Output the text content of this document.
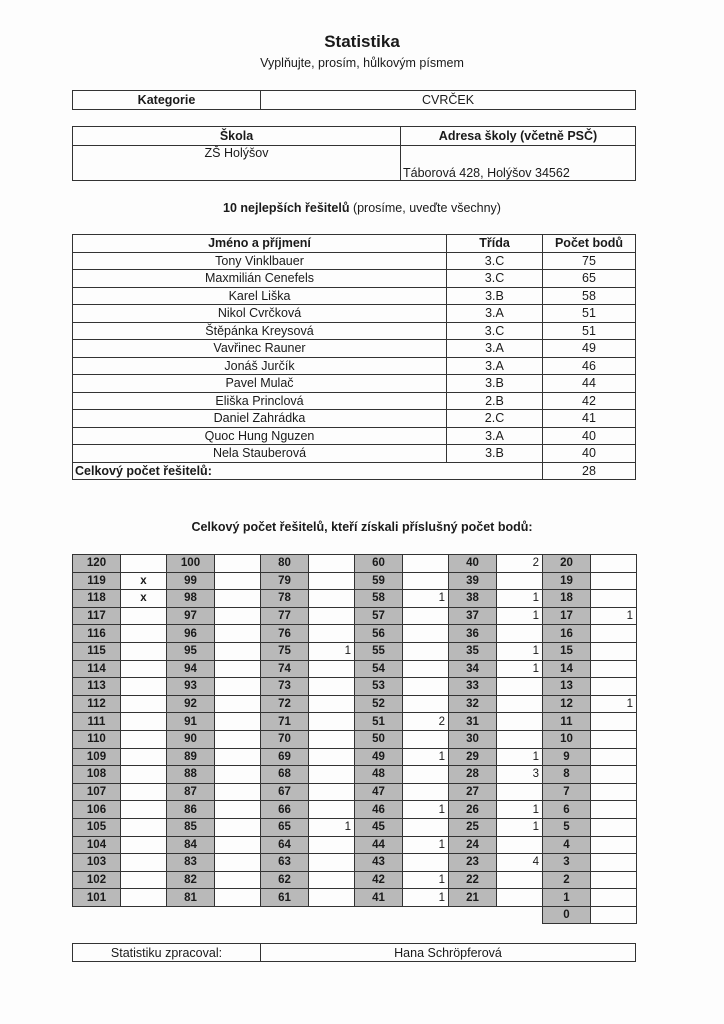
Statistika
Vyplňujte, prosím, hůlkovým písmem
Kategorie	CVRČEK
Škola	Adresa školy (včetně PSČ)
ZŠ Holýšov	Táborová 428, Holýšov 34562
10 nejlepších řešitelů (prosíme, uveďte všechny)
Jméno a příjmení	Třída	Počet bodů
Tony Vinklbauer	3.C	75
Maxmilián Cenefels	3.C	65
Karel Liška	3.B	58
Nikol Cvrčková	3.A	51
Štěpánka Kreysová	3.C	51
Vavřinec Rauner	3.A	49
Jonáš Jurčík	3.A	46
Pavel Mulač	3.B	44
Eliška Princlová	2.B	42
Daniel Zahrádka	2.C	41
Quoc Hung Nguzen	3.A	40
Nela Stauberová	3.B	40
Celkový počet řešitelů:		28
Celkový počet řešitelů, kteří získali příslušný počet bodů:
120		100		80		60		40	2	20	
119	x	99		79		59		39		19	
118	x	98		78		58	1	38	1	18	
117		97		77		57		37	1	17	1
116		96		76		56		36		16	
115		95		75	1	55		35	1	15	
114		94		74		54		34	1	14	
113		93		73		53		33		13	
112		92		72		52		32		12	1
111		91		71		51	2	31		11	
110		90		70		50		30		10	
109		89		69		49	1	29	1	9	
108		88		68		48		28	3	8	
107		87		67		47		27		7	
106		86		66		46	1	26	1	6	
105		85		65	1	45		25	1	5	
104		84		64		44	1	24		4	
103		83		63		43		23	4	3	
102		82		62		42	1	22		2	
101		81		61		41	1	21		1	
										0	
Statistiku zpracoval:	Hana Schröpferová
